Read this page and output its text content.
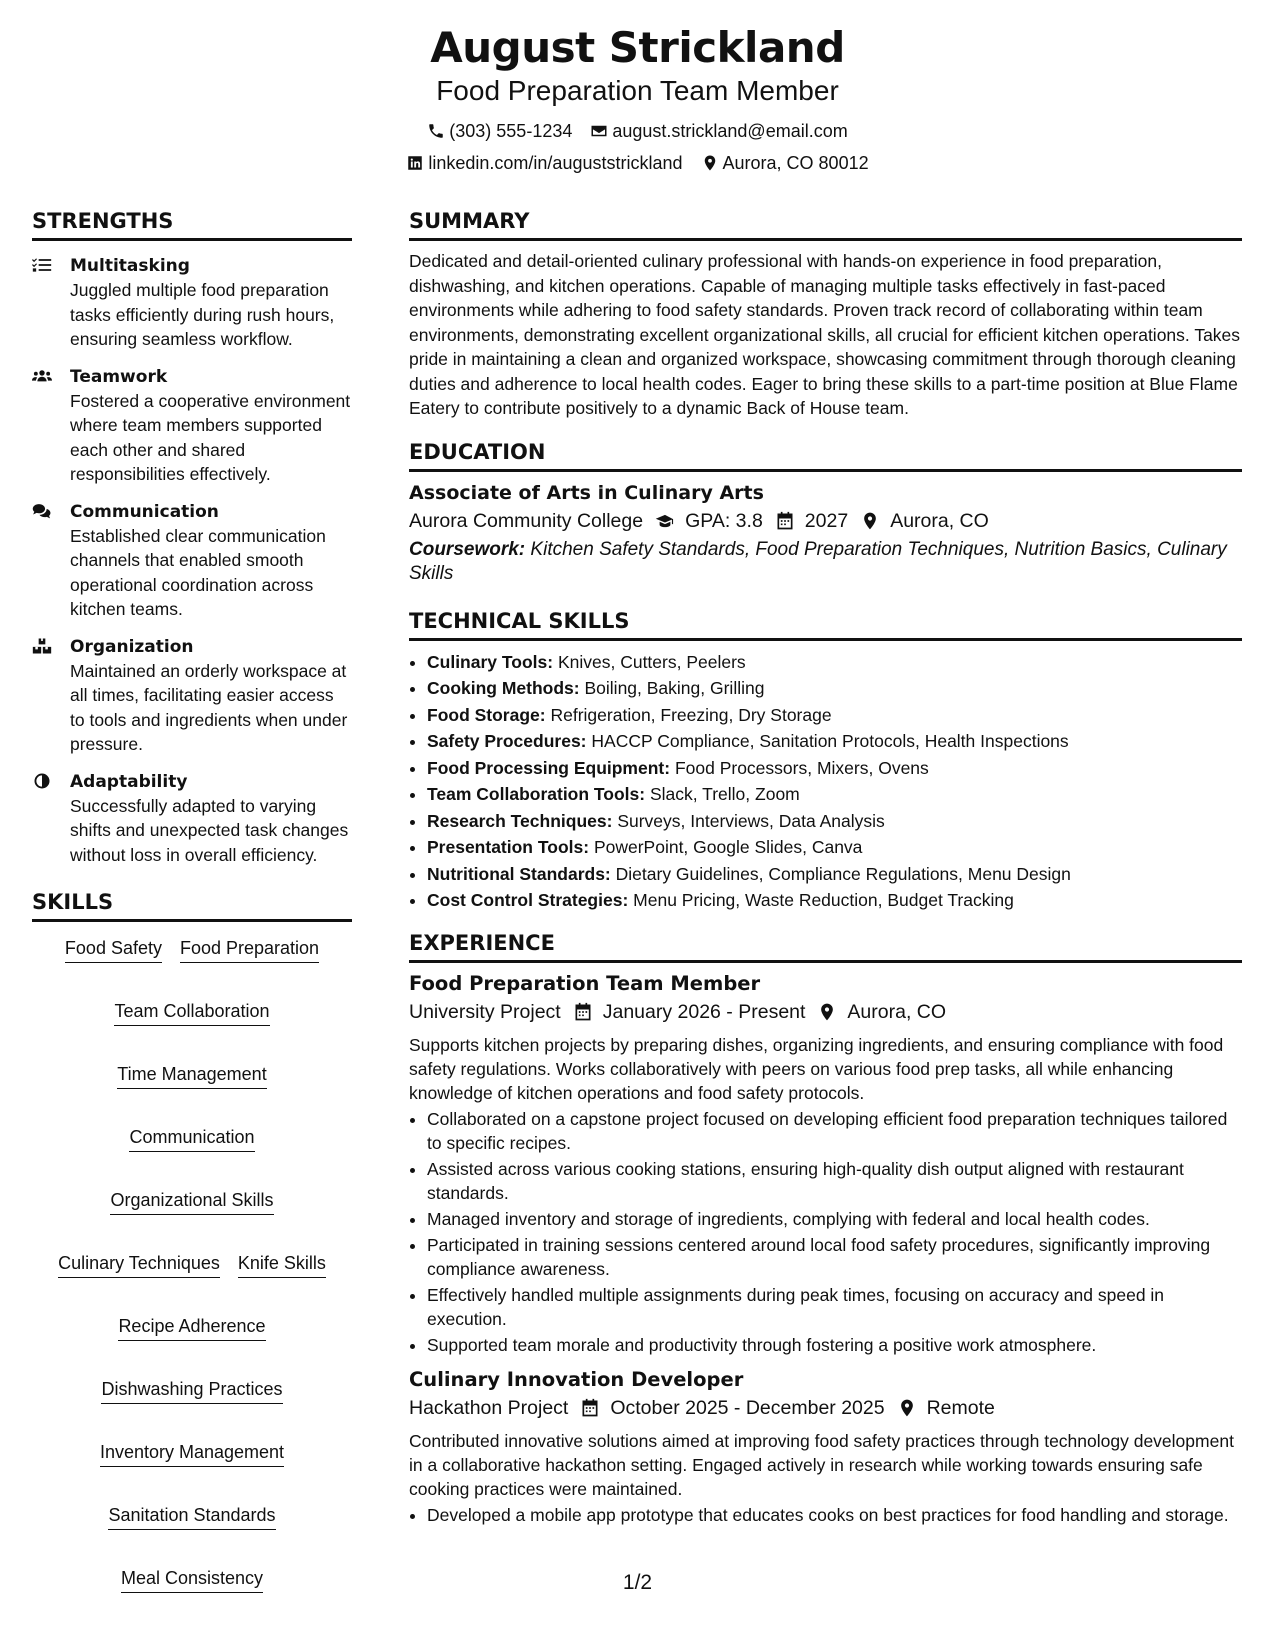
August Strickland
Food Preparation Team Member
(303) 555-1234 august.strickland@email.com
linkedin.com/in/auguststrickland Aurora, CO 80012
STRENGTHS
Multitasking
Juggled multiple food preparation tasks efficiently during rush hours, ensuring seamless workflow.
Teamwork
Fostered a cooperative environment where team members supported each other and shared responsibilities effectively.
Communication
Established clear communication channels that enabled smooth operational coordination across kitchen teams.
Organization
Maintained an orderly workspace at all times, facilitating easier access to tools and ingredients when under pressure.
Adaptability
Successfully adapted to varying shifts and unexpected task changes without loss in overall efficiency.
SKILLS
Food Safety Food Preparation
Team Collaboration
Time Management
Communication
Organizational Skills
Culinary Techniques Knife Skills
Recipe Adherence
Dishwashing Practices
Inventory Management
Sanitation Standards
Meal Consistency
SUMMARY
Dedicated and detail-oriented culinary professional with hands-on experience in food preparation, dishwashing, and kitchen operations. Capable of managing multiple tasks effectively in fast-paced environments while adhering to food safety standards. Proven track record of collaborating within team environments, demonstrating excellent organizational skills, all crucial for efficient kitchen operations. Takes pride in maintaining a clean and organized workspace, showcasing commitment through thorough cleaning duties and adherence to local health codes. Eager to bring these skills to a part-time position at Blue Flame Eatery to contribute positively to a dynamic Back of House team.
EDUCATION
Associate of Arts in Culinary Arts
Aurora Community College GPA: 3.8 2027 Aurora, CO
Coursework: Kitchen Safety Standards, Food Preparation Techniques, Nutrition Basics, Culinary Skills
TECHNICAL SKILLS
• Culinary Tools: Knives, Cutters, Peelers
• Cooking Methods: Boiling, Baking, Grilling
• Food Storage: Refrigeration, Freezing, Dry Storage
• Safety Procedures: HACCP Compliance, Sanitation Protocols, Health Inspections
• Food Processing Equipment: Food Processors, Mixers, Ovens
• Team Collaboration Tools: Slack, Trello, Zoom
• Research Techniques: Surveys, Interviews, Data Analysis
• Presentation Tools: PowerPoint, Google Slides, Canva
• Nutritional Standards: Dietary Guidelines, Compliance Regulations, Menu Design
• Cost Control Strategies: Menu Pricing, Waste Reduction, Budget Tracking
EXPERIENCE
Food Preparation Team Member
University Project January 2026 - Present Aurora, CO
Supports kitchen projects by preparing dishes, organizing ingredients, and ensuring compliance with food safety regulations. Works collaboratively with peers on various food prep tasks, all while enhancing knowledge of kitchen operations and food safety protocols.
• Collaborated on a capstone project focused on developing efficient food preparation techniques tailored to specific recipes.
• Assisted across various cooking stations, ensuring high-quality dish output aligned with restaurant standards.
• Managed inventory and storage of ingredients, complying with federal and local health codes.
• Participated in training sessions centered around local food safety procedures, significantly improving compliance awareness.
• Effectively handled multiple assignments during peak times, focusing on accuracy and speed in execution.
• Supported team morale and productivity through fostering a positive work atmosphere.
Culinary Innovation Developer
Hackathon Project October 2025 - December 2025 Remote
Contributed innovative solutions aimed at improving food safety practices through technology development in a collaborative hackathon setting. Engaged actively in research while working towards ensuring safe cooking practices were maintained.
• Developed a mobile app prototype that educates cooks on best practices for food handling and storage.
1/2
